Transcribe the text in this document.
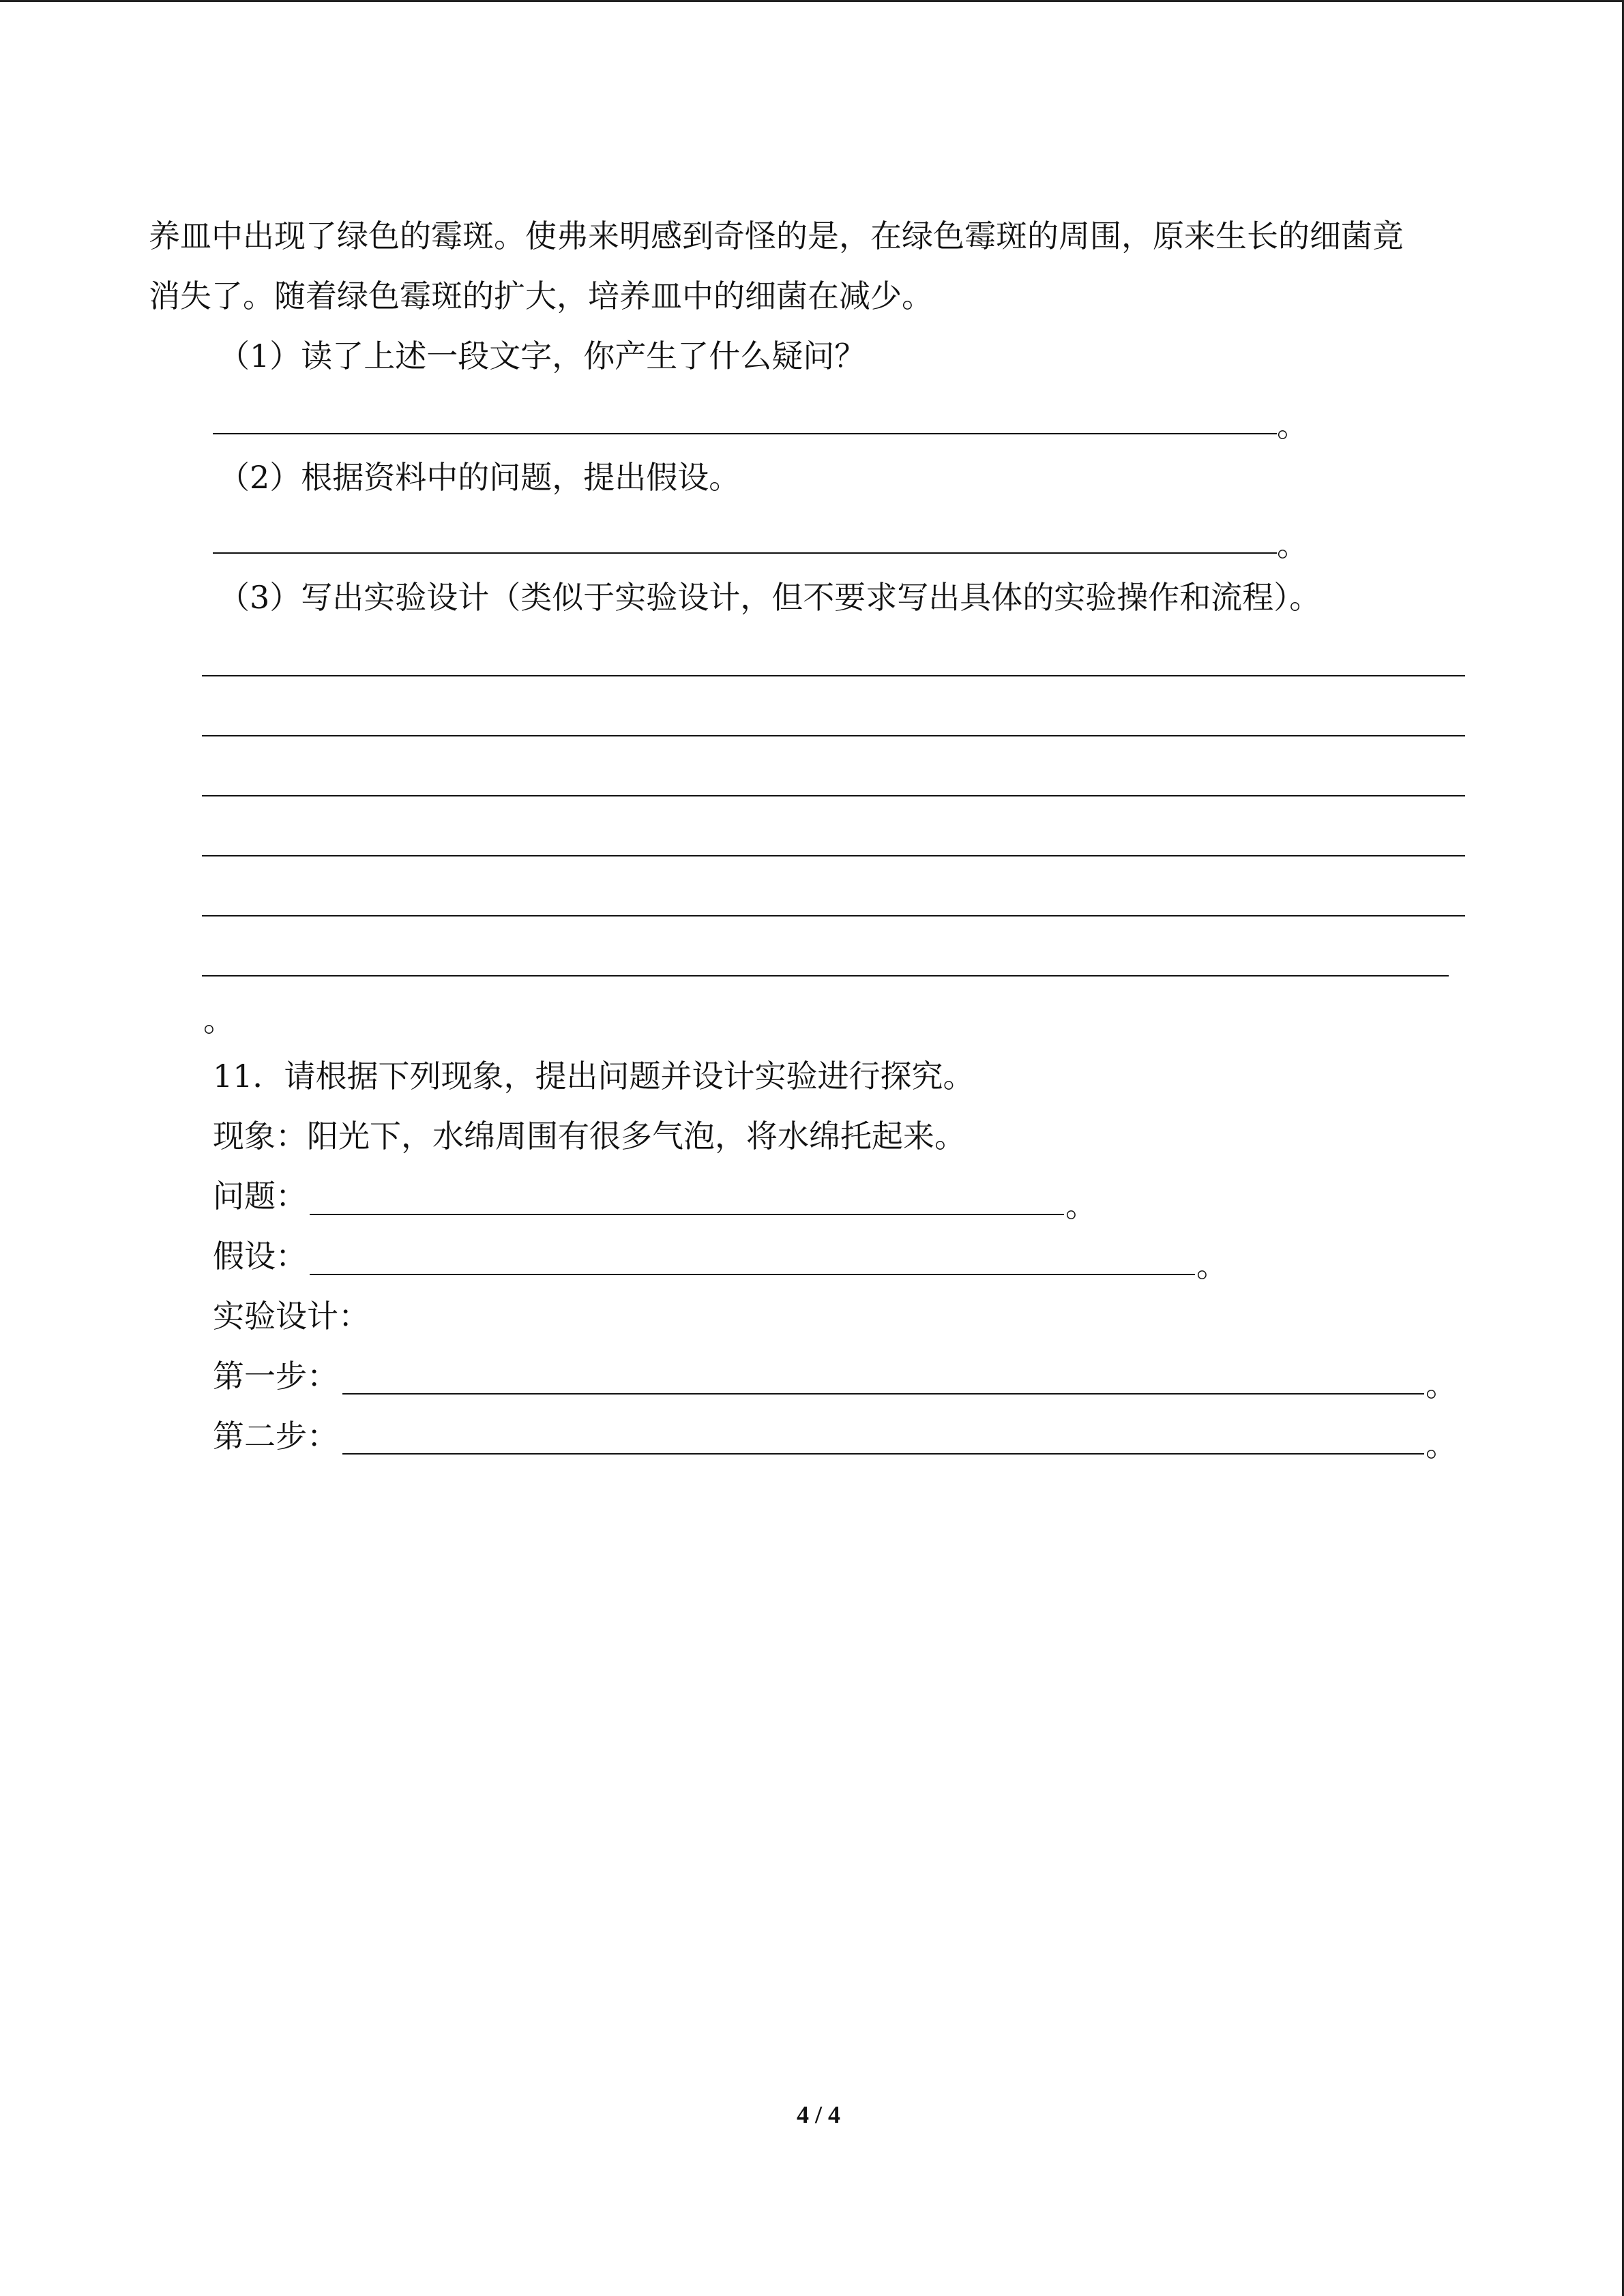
养皿中出现了绿色的霉斑。使弗来明感到奇怪的是，在绿色霉斑的周围，原来生长的细菌竟
消失了。随着绿色霉斑的扩大，培养皿中的细菌在减少。
（1）读了上述一段文字，你产生了什么疑问？
。
（2）根据资料中的问题，提出假设。
。
（3）写出实验设计（类似于实验设计，但不要求写出具体的实验操作和流程）。
。
11．请根据下列现象，提出问题并设计实验进行探究。
现象：阳光下，水绵周围有很多气泡，将水绵托起来。
问题：	。
假设：	。
实验设计：
第一步：	。
第二步：	。
4 / 4
